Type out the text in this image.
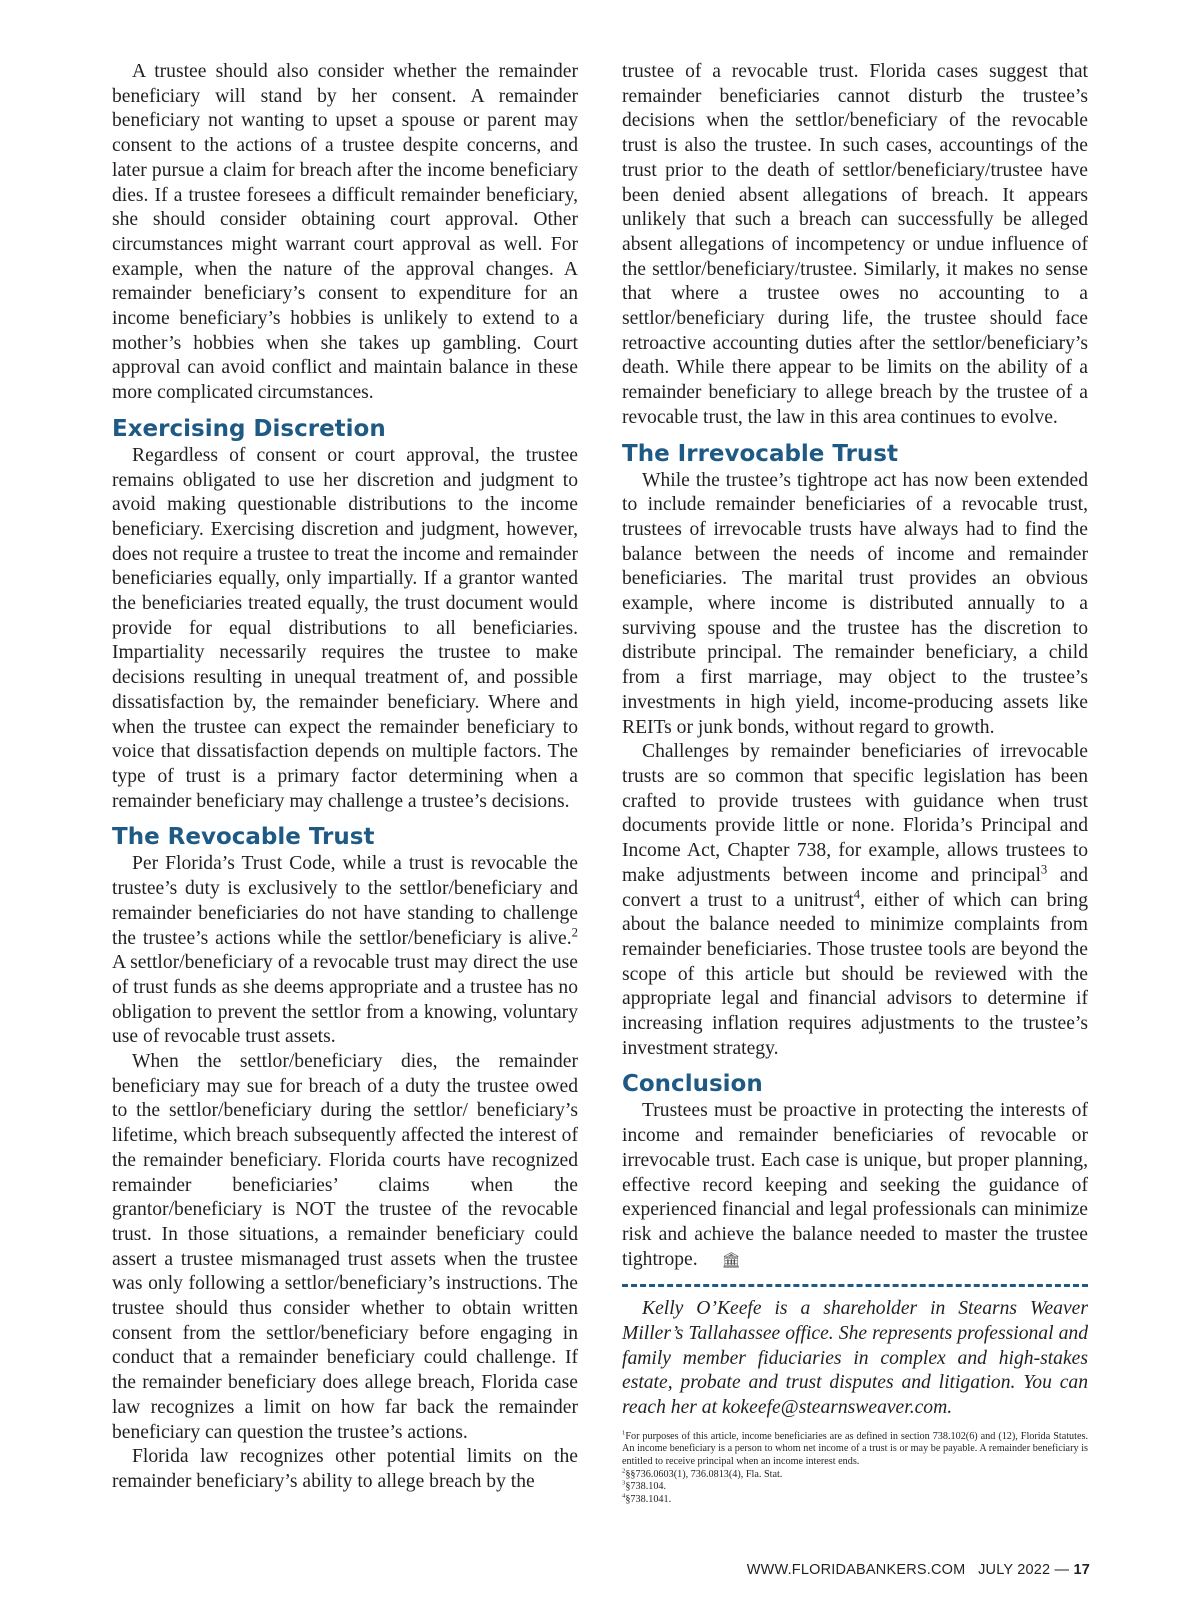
A trustee should also consider whether the remainder beneficiary will stand by her consent. A remainder beneficiary not wanting to upset a spouse or parent may consent to the actions of a trustee despite concerns, and later pursue a claim for breach after the income beneficiary dies. If a trustee foresees a difficult remainder beneficiary, she should consider obtaining court approval. Other circumstances might warrant court approval as well. For example, when the nature of the approval changes. A remainder beneficiary’s consent to expenditure for an income beneficiary’s hobbies is unlikely to extend to a mother’s hobbies when she takes up gambling. Court approval can avoid conflict and maintain balance in these more complicated circumstances.

Exercising Discretion

Regardless of consent or court approval, the trustee remains obligated to use her discretion and judgment to avoid making questionable distributions to the income beneficiary. Exercising discretion and judgment, however, does not require a trustee to treat the income and remainder beneficiaries equally, only impartially. If a grantor wanted the beneficiaries treated equally, the trust document would provide for equal distributions to all beneficiaries. Impartiality necessarily requires the trustee to make decisions resulting in unequal treatment of, and possible dissatisfaction by, the remainder beneficiary. Where and when the trustee can expect the remainder beneficiary to voice that dissatisfaction depends on multiple factors. The type of trust is a primary factor determining when a remainder beneficiary may challenge a trustee’s decisions.

The Revocable Trust

Per Florida’s Trust Code, while a trust is revocable the trustee’s duty is exclusively to the settlor/beneficiary and remainder beneficiaries do not have standing to challenge the trustee’s actions while the settlor/beneficiary is alive.$^2$ A settlor/beneficiary of a revocable trust may direct the use of trust funds as she deems appropriate and a trustee has no obligation to prevent the settlor from a knowing, voluntary use of revocable trust assets.

When the settlor/beneficiary dies, the remainder beneficiary may sue for breach of a duty the trustee owed to the settlor/beneficiary during the settlor/ beneficiary’s lifetime, which breach subsequently affected the interest of the remainder beneficiary. Florida courts have recognized remainder beneficiaries’ claims when the grantor/beneficiary is NOT the trustee of the revocable trust. In those situations, a remainder beneficiary could assert a trustee mismanaged trust assets when the trustee was only following a settlor/beneficiary’s instructions. The trustee should thus consider whether to obtain written consent from the settlor/beneficiary before engaging in conduct that a remainder beneficiary could challenge. If the remainder beneficiary does allege breach, Florida case law recognizes a limit on how far back the remainder beneficiary can question the trustee’s actions.

Florida law recognizes other potential limits on the remainder beneficiary’s ability to allege breach by the

trustee of a revocable trust. Florida cases suggest that remainder beneficiaries cannot disturb the trustee’s decisions when the settlor/beneficiary of the revocable trust is also the trustee. In such cases, accountings of the trust prior to the death of settlor/beneficiary/trustee have been denied absent allegations of breach. It appears unlikely that such a breach can successfully be alleged absent allegations of incompetency or undue influence of the settlor/beneficiary/trustee. Similarly, it makes no sense that where a trustee owes no accounting to a settlor/beneficiary during life, the trustee should face retroactive accounting duties after the settlor/beneficiary’s death. While there appear to be limits on the ability of a remainder beneficiary to allege breach by the trustee of a revocable trust, the law in this area continues to evolve.

The Irrevocable Trust

While the trustee’s tightrope act has now been extended to include remainder beneficiaries of a revocable trust, trustees of irrevocable trusts have always had to find the balance between the needs of income and remainder beneficiaries. The marital trust provides an obvious example, where income is distributed annually to a surviving spouse and the trustee has the discretion to distribute principal. The remainder beneficiary, a child from a first marriage, may object to the trustee’s investments in high yield, income-producing assets like REITs or junk bonds, without regard to growth.

Challenges by remainder beneficiaries of irrevocable trusts are so common that specific legislation has been crafted to provide trustees with guidance when trust documents provide little or none. Florida’s Principal and Income Act, Chapter 738, for example, allows trustees to make adjustments between income and principal$^3$ and convert a trust to a unitrust$^4$, either of which can bring about the balance needed to minimize complaints from remainder beneficiaries. Those trustee tools are beyond the scope of this article but should be reviewed with the appropriate legal and financial advisors to determine if increasing inflation requires adjustments to the trustee’s investment strategy.

Conclusion

Trustees must be proactive in protecting the interests of income and remainder beneficiaries of revocable or irrevocable trust. Each case is unique, but proper planning, effective record keeping and seeking the guidance of experienced financial and legal professionals can minimize risk and achieve the balance needed to master the trustee tightrope. 🏛

Kelly O’Keefe is a shareholder in Stearns Weaver Miller’s Tallahassee office. She represents professional and family member fiduciaries in complex and high-stakes estate, probate and trust disputes and litigation. You can reach her at kokeefe@stearnsweaver.com.

$^1$For purposes of this article, income beneficiaries are as defined in section 738.102(6) and (12), Florida Statutes. An income beneficiary is a person to whom net income of a trust is or may be payable. A remainder beneficiary is entitled to receive principal when an income interest ends.
$^2$§§736.0603(1), 736.0813(4), Fla. Stat.
$^3$§738.104.
$^4$§738.1041.
WWW.FLORIDABANKERS.COM JULY 2022 — 17
